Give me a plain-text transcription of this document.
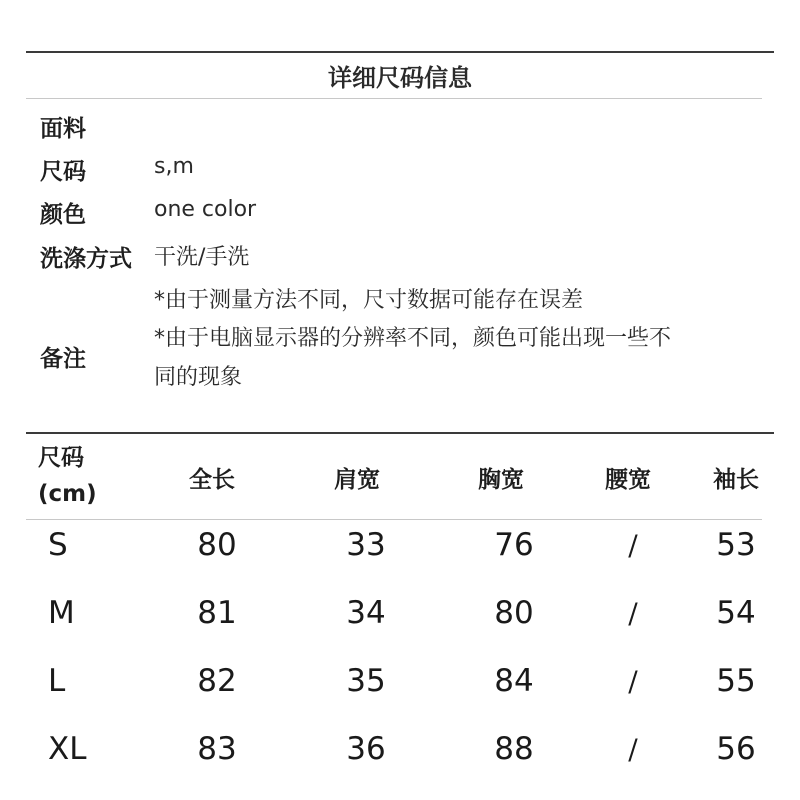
详细尺码信息
面料
尺码	s,m
颜色	one color
洗涤方式 干洗/手洗
备注
*由于测量方法不同，尺寸数据可能存在误差
*由于电脑显示器的分辨率不同，颜色可能出现一些不
同的现象
尺码
(cm)
全长	肩宽	胸宽	腰宽	袖长
S	80	33	76	/	53
M	81	34	80	/	54
L	82	35	84	/	55
XL	83	36	88	/	56
